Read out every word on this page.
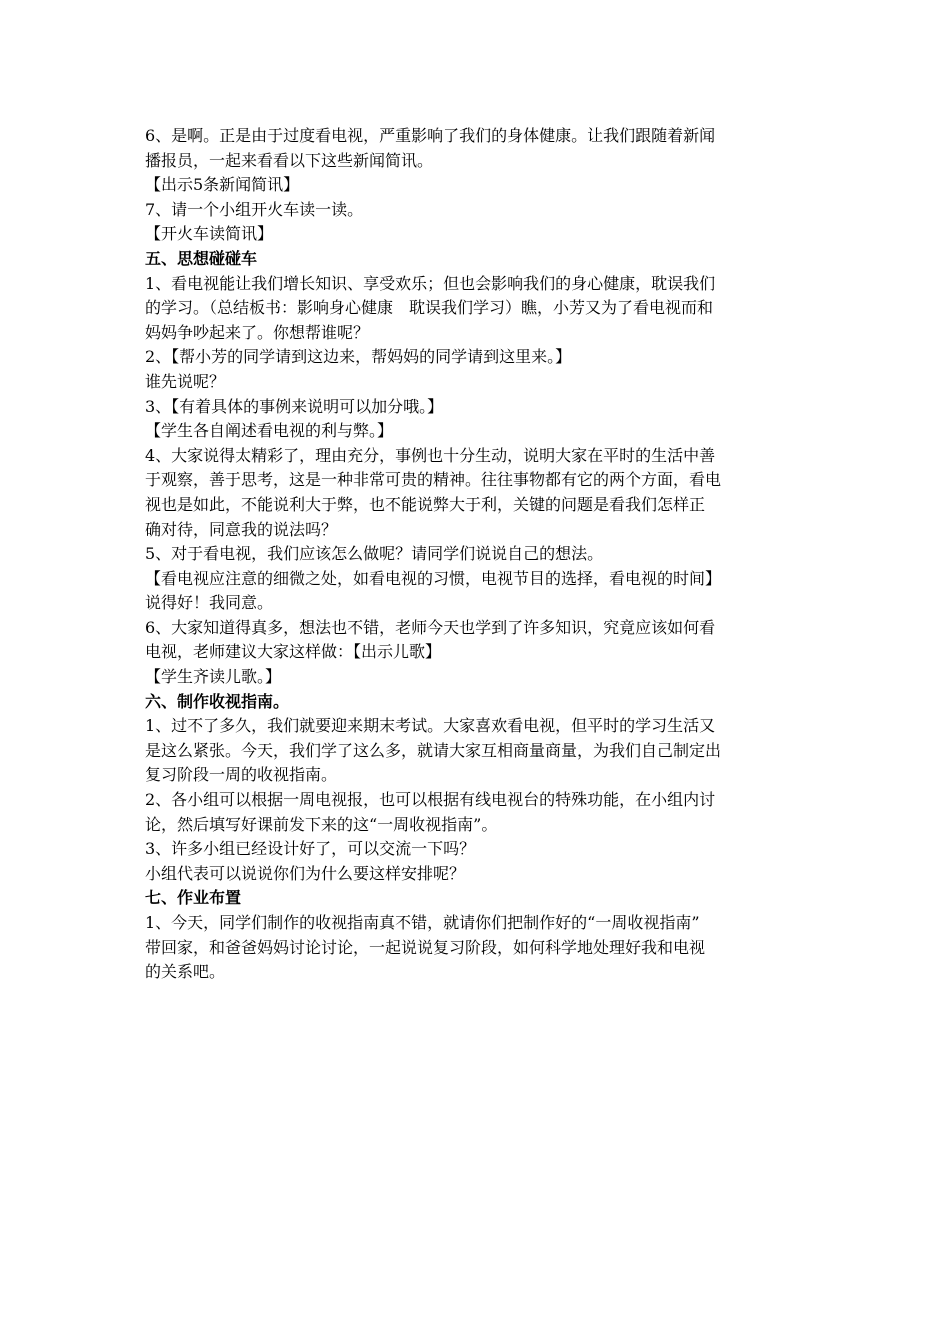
6、是啊。正是由于过度看电视，严重影响了我们的身体健康。让我们跟随着新闻
播报员，一起来看看以下这些新闻简讯。
【出示5条新闻简讯】
7、请一个小组开火车读一读。
【开火车读简讯】
五、思想碰碰车
1、看电视能让我们增长知识、享受欢乐；但也会影响我们的身心健康，耽误我们
的学习。（总结板书：影响身心健康　耽误我们学习）瞧，小芳又为了看电视而和
妈妈争吵起来了。你想帮谁呢？
2、【帮小芳的同学请到这边来，帮妈妈的同学请到这里来。】
谁先说呢？
3、【有着具体的事例来说明可以加分哦。】
【学生各自阐述看电视的利与弊。】
4、大家说得太精彩了，理由充分，事例也十分生动，说明大家在平时的生活中善
于观察，善于思考，这是一种非常可贵的精神。往往事物都有它的两个方面，看电
视也是如此，不能说利大于弊，也不能说弊大于利，关键的问题是看我们怎样正
确对待，同意我的说法吗？
5、对于看电视，我们应该怎么做呢？请同学们说说自己的想法。
【看电视应注意的细微之处，如看电视的习惯，电视节目的选择，看电视的时间】
说得好！我同意。
6、大家知道得真多，想法也不错，老师今天也学到了许多知识，究竟应该如何看
电视，老师建议大家这样做：【出示儿歌】
【学生齐读儿歌。】
六、制作收视指南。
1、过不了多久，我们就要迎来期末考试。大家喜欢看电视，但平时的学习生活又
是这么紧张。今天，我们学了这么多，就请大家互相商量商量，为我们自己制定出
复习阶段一周的收视指南。
2、各小组可以根据一周电视报，也可以根据有线电视台的特殊功能，在小组内讨
论，然后填写好课前发下来的这“一周收视指南”。
3、许多小组已经设计好了，可以交流一下吗？
小组代表可以说说你们为什么要这样安排呢？
七、作业布置
1、今天，同学们制作的收视指南真不错，就请你们把制作好的“一周收视指南”
带回家，和爸爸妈妈讨论讨论，一起说说复习阶段，如何科学地处理好我和电视
的关系吧。
